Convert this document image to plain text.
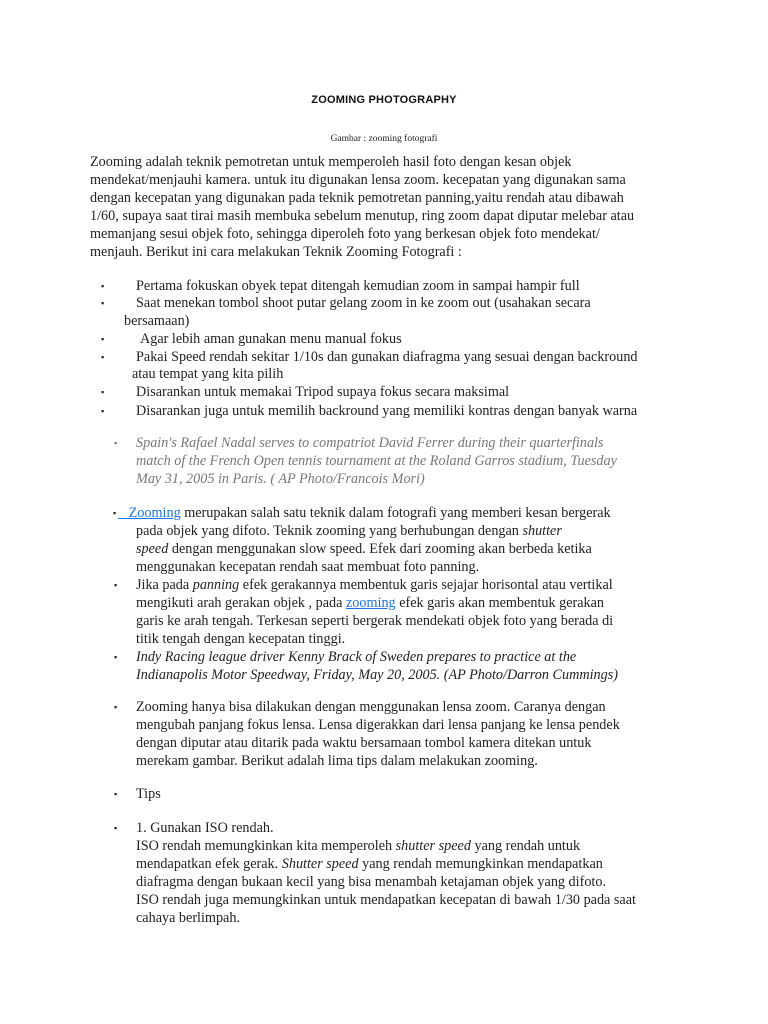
ZOOMING PHOTOGRAPHY
Gambar : zooming fotografi

Zooming adalah teknik pemotretan untuk memperoleh hasil foto dengan kesan objek

mendekat/menjauhi kamera. untuk itu digunakan lensa zoom. kecepatan yang digunakan sama

dengan kecepatan yang digunakan pada teknik pemotretan panning,yaitu rendah atau dibawah

1/60, supaya saat tirai masih membuka sebelum menutup, ring zoom dapat diputar melebar atau

memanjang sesui objek foto, sehingga diperoleh foto yang berkesan objek foto mendekat/

menjauh. Berikut ini cara melakukan Teknik Zooming Fotografi :

▪ Pertama fokuskan obyek tepat ditengah kemudian zoom in sampai hampir full
▪ Saat menekan tombol shoot putar gelang zoom in ke zoom out (usahakan secara
bersamaan)
▪	Agar lebih aman gunakan menu manual fokus
▪ Pakai Speed rendah sekitar 1/10s dan gunakan diafragma yang sesuai dengan backround
atau tempat yang kita pilih
▪ Disarankan untuk memakai Tripod supaya fokus secara maksimal
▪ Disarankan juga untuk memilih backround yang memiliki kontras dengan banyak warna
▪ Spain's Rafael Nadal serves to compatriot David Ferrer during their quarterfinals
match of the French Open tennis tournament at the Roland Garros stadium, Tuesday
May 31, 2005 in Paris. ( AP Photo/Francois Mori)
▪ Zooming merupakan salah satu teknik dalam fotografi yang memberi kesan bergerak
pada objek yang difoto. Teknik zooming yang berhubungan dengan shutter
speed dengan menggunakan slow speed. Efek dari zooming akan berbeda ketika
menggunakan kecepatan rendah saat membuat foto panning.
▪ Jika pada panning efek gerakannya membentuk garis sejajar horisontal atau vertikal
mengikuti arah gerakan objek , pada zooming efek garis akan membentuk gerakan
garis ke arah tengah. Terkesan seperti bergerak mendekati objek foto yang berada di
titik tengah dengan kecepatan tinggi.
▪ Indy Racing league driver Kenny Brack of Sweden prepares to practice at the
Indianapolis Motor Speedway, Friday, May 20, 2005. (AP Photo/Darron Cummings)
▪ Zooming hanya bisa dilakukan dengan menggunakan lensa zoom. Caranya dengan
mengubah panjang fokus lensa. Lensa digerakkan dari lensa panjang ke lensa pendek
dengan diputar atau ditarik pada waktu bersamaan tombol kamera ditekan untuk
merekam gambar. Berikut adalah lima tips dalam melakukan zooming.
▪ Tips
▪ 1. Gunakan ISO rendah.
ISO rendah memungkinkan kita memperoleh shutter speed yang rendah untuk
mendapatkan efek gerak. Shutter speed yang rendah memungkinkan mendapatkan
diafragma dengan bukaan kecil yang bisa menambah ketajaman objek yang difoto.
ISO rendah juga memungkinkan untuk mendapatkan kecepatan di bawah 1/30 pada saat
cahaya berlimpah.
